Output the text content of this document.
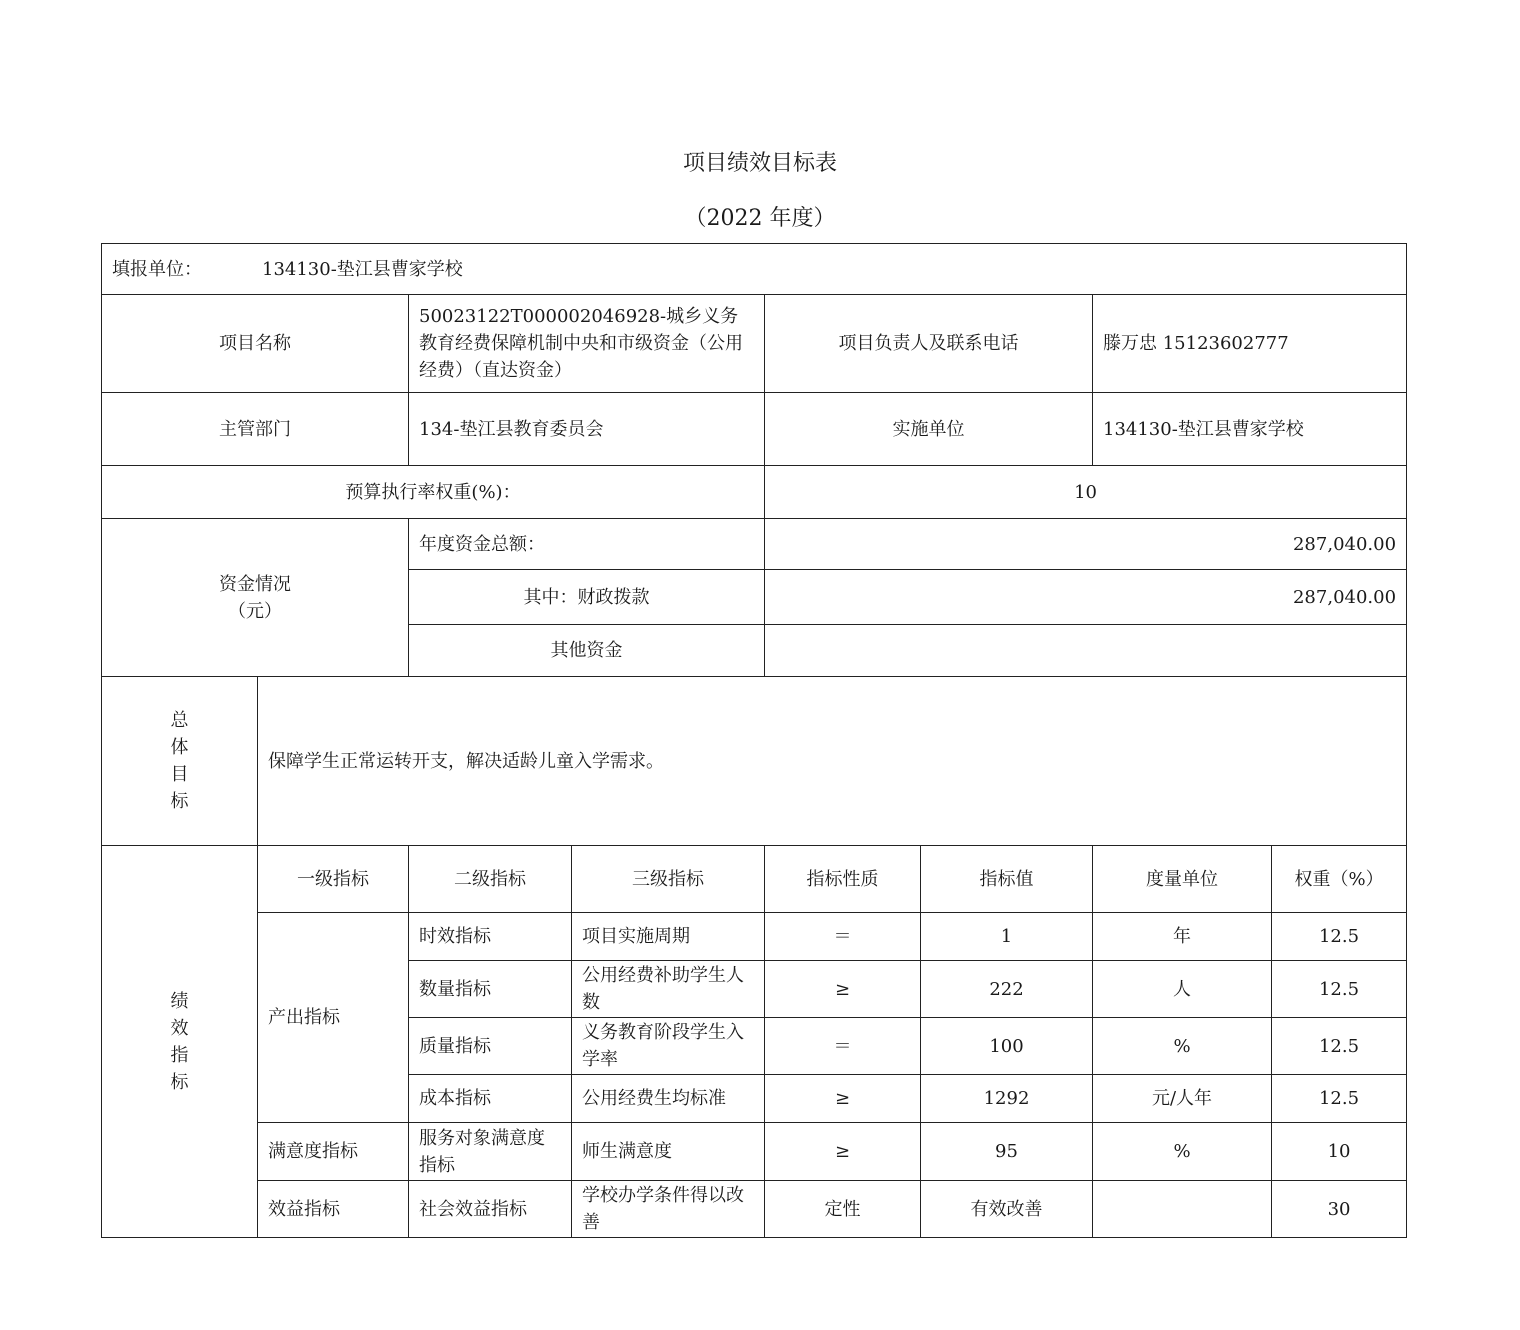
项目绩效目标表
（2022 年度）
填报单位： 134130-垫江县曹家学校							
项目名称		50023122T000002046928-城乡义务教育经费保障机制中央和市级资金（公用经费）（直达资金）		项目负责人及联系电话		滕万忠 15123602777	
主管部门		134-垫江县教育委员会		实施单位		134130-垫江县曹家学校	
预算执行率权重(%)：				10			

资金情况
（元）		年度资金总额：		287,040.00			
		其中：财政拨款		287,040.00			
		其他资金					

总
体
目
标	保障学生正常运转开支，解决适龄儿童入学需求。						

绩
效
指
标	一级指标	二级指标	三级指标	指标性质	指标值	度量单位	权重（%）
	产出指标	时效指标	项目实施周期	＝	1	年	12.5
		数量指标	公用经费补助学生人数	≥	222	人	12.5
		质量指标	义务教育阶段学生入学率	＝	100	%	12.5
		成本指标	公用经费生均标准	≥	1292	元/人年	12.5
	满意度指标	服务对象满意度指标	师生满意度	≥	95	%	10
	效益指标	社会效益指标	学校办学条件得以改善	定性	有效改善		30
